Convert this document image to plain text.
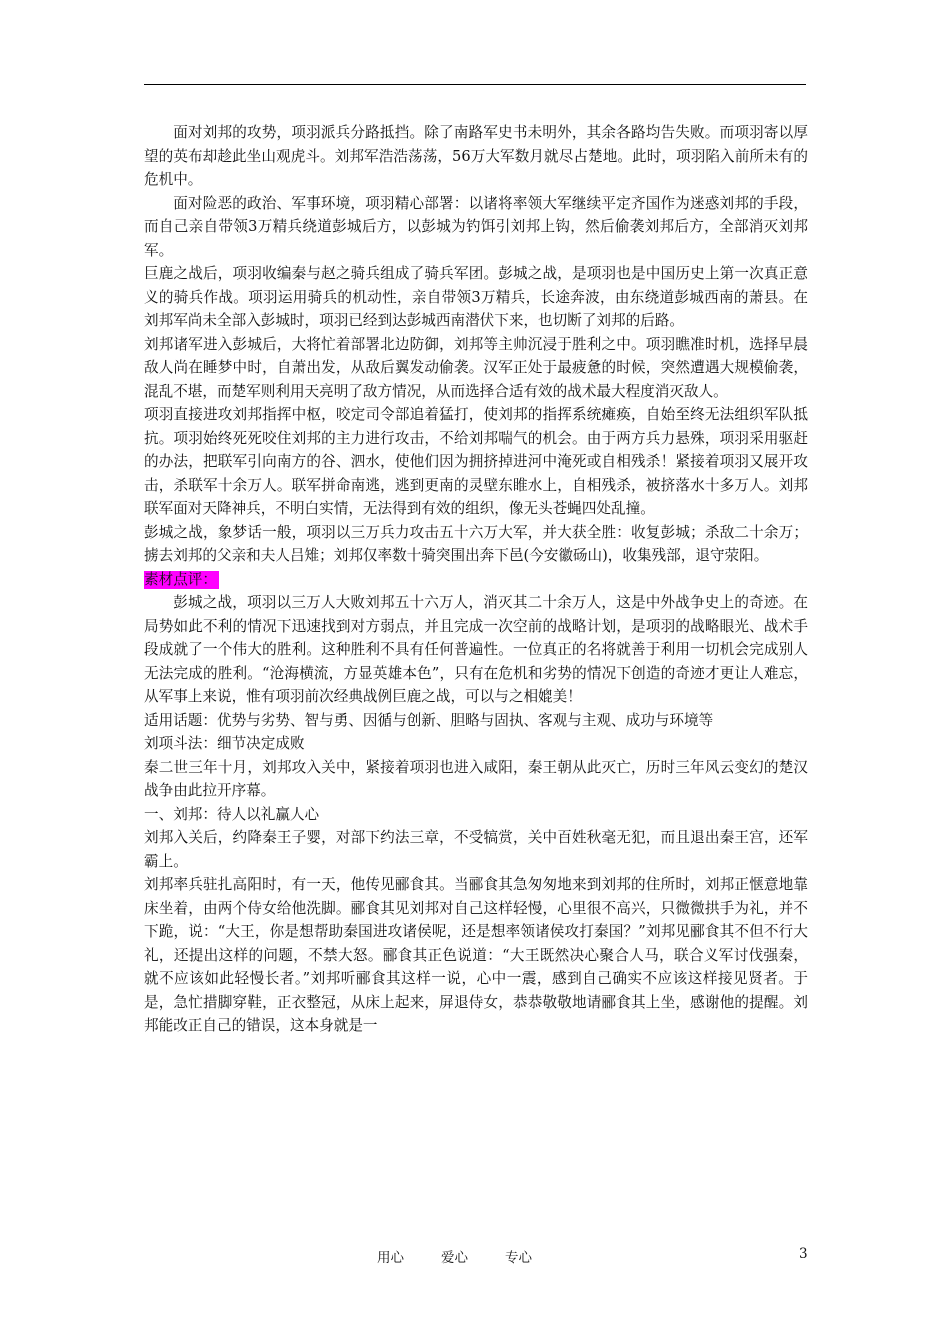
面对刘邦的攻势，项羽派兵分路抵挡。除了南路军史书未明外，其余各路均告失败。而项羽寄以厚望的英布却趁此坐山观虎斗。刘邦军浩浩荡荡，56万大军数月就尽占楚地。此时，项羽陷入前所未有的危机中。

面对险恶的政治、军事环境，项羽精心部署：以诸将率领大军继续平定齐国作为迷惑刘邦的手段，而自己亲自带领3万精兵绕道彭城后方，以彭城为钓饵引刘邦上钩，然后偷袭刘邦后方，全部消灭刘邦军。

巨鹿之战后，项羽收编秦与赵之骑兵组成了骑兵军团。彭城之战，是项羽也是中国历史上第一次真正意义的骑兵作战。项羽运用骑兵的机动性，亲自带领3万精兵，长途奔波，由东绕道彭城西南的萧县。在刘邦军尚未全部入彭城时，项羽已经到达彭城西南潜伏下来，也切断了刘邦的后路。

刘邦诸军进入彭城后，大将忙着部署北边防御，刘邦等主帅沉浸于胜利之中。项羽瞧准时机，选择早晨敌人尚在睡梦中时，自萧出发，从敌后翼发动偷袭。汉军正处于最疲惫的时候，突然遭遇大规模偷袭，混乱不堪，而楚军则利用天亮明了敌方情况，从而选择合适有效的战术最大程度消灭敌人。

项羽直接进攻刘邦指挥中枢，咬定司令部追着猛打，使刘邦的指挥系统瘫痪，自始至终无法组织军队抵抗。项羽始终死死咬住刘邦的主力进行攻击，不给刘邦喘气的机会。由于两方兵力悬殊，项羽采用驱赶的办法，把联军引向南方的谷、泗水，使他们因为拥挤掉进河中淹死或自相残杀！紧接着项羽又展开攻击，杀联军十余万人。联军拼命南逃，逃到更南的灵壁东睢水上，自相残杀，被挤落水十多万人。刘邦联军面对天降神兵，不明白实情，无法得到有效的组织，像无头苍蝇四处乱撞。

彭城之战，象梦话一般，项羽以三万兵力攻击五十六万大军，并大获全胜：收复彭城；杀敌二十余万；掳去刘邦的父亲和夫人吕雉；刘邦仅率数十骑突围出奔下邑(今安徽砀山)，收集残部，退守荥阳。

素材点评：

彭城之战，项羽以三万人大败刘邦五十六万人，消灭其二十余万人，这是中外战争史上的奇迹。在局势如此不利的情况下迅速找到对方弱点，并且完成一次空前的战略计划，是项羽的战略眼光、战术手段成就了一个伟大的胜利。这种胜利不具有任何普遍性。一位真正的名将就善于利用一切机会完成别人无法完成的胜利。“沧海横流，方显英雄本色”，只有在危机和劣势的情况下创造的奇迹才更让人难忘，从军事上来说，惟有项羽前次经典战例巨鹿之战，可以与之相媲美！

适用话题：优势与劣势、智与勇、因循与创新、胆略与固执、客观与主观、成功与环境等

刘项斗法：细节决定成败

秦二世三年十月，刘邦攻入关中，紧接着项羽也进入咸阳，秦王朝从此灭亡，历时三年风云变幻的楚汉战争由此拉开序幕。

一、刘邦：待人以礼赢人心

刘邦入关后，约降秦王子婴，对部下约法三章，不受犒赏，关中百姓秋毫无犯，而且退出秦王宫，还军霸上。

刘邦率兵驻扎高阳时，有一天，他传见郦食其。当郦食其急匆匆地来到刘邦的住所时，刘邦正惬意地靠床坐着，由两个侍女给他洗脚。郦食其见刘邦对自己这样轻慢，心里很不高兴，只微微拱手为礼，并不下跪，说：“大王，你是想帮助秦国进攻诸侯呢，还是想率领诸侯攻打秦国？”刘邦见郦食其不但不行大礼，还提出这样的问题，不禁大怒。郦食其正色说道：“大王既然决心聚合人马，联合义军讨伐强秦，就不应该如此轻慢长者。”刘邦听郦食其这样一说，心中一震，感到自己确实不应该这样接见贤者。于是，急忙措脚穿鞋，正衣整冠，从床上起来，屏退侍女，恭恭敬敬地请郦食其上坐，感谢他的提醒。刘邦能改正自己的错误，这本身就是一

用心	爱心	专心	3
